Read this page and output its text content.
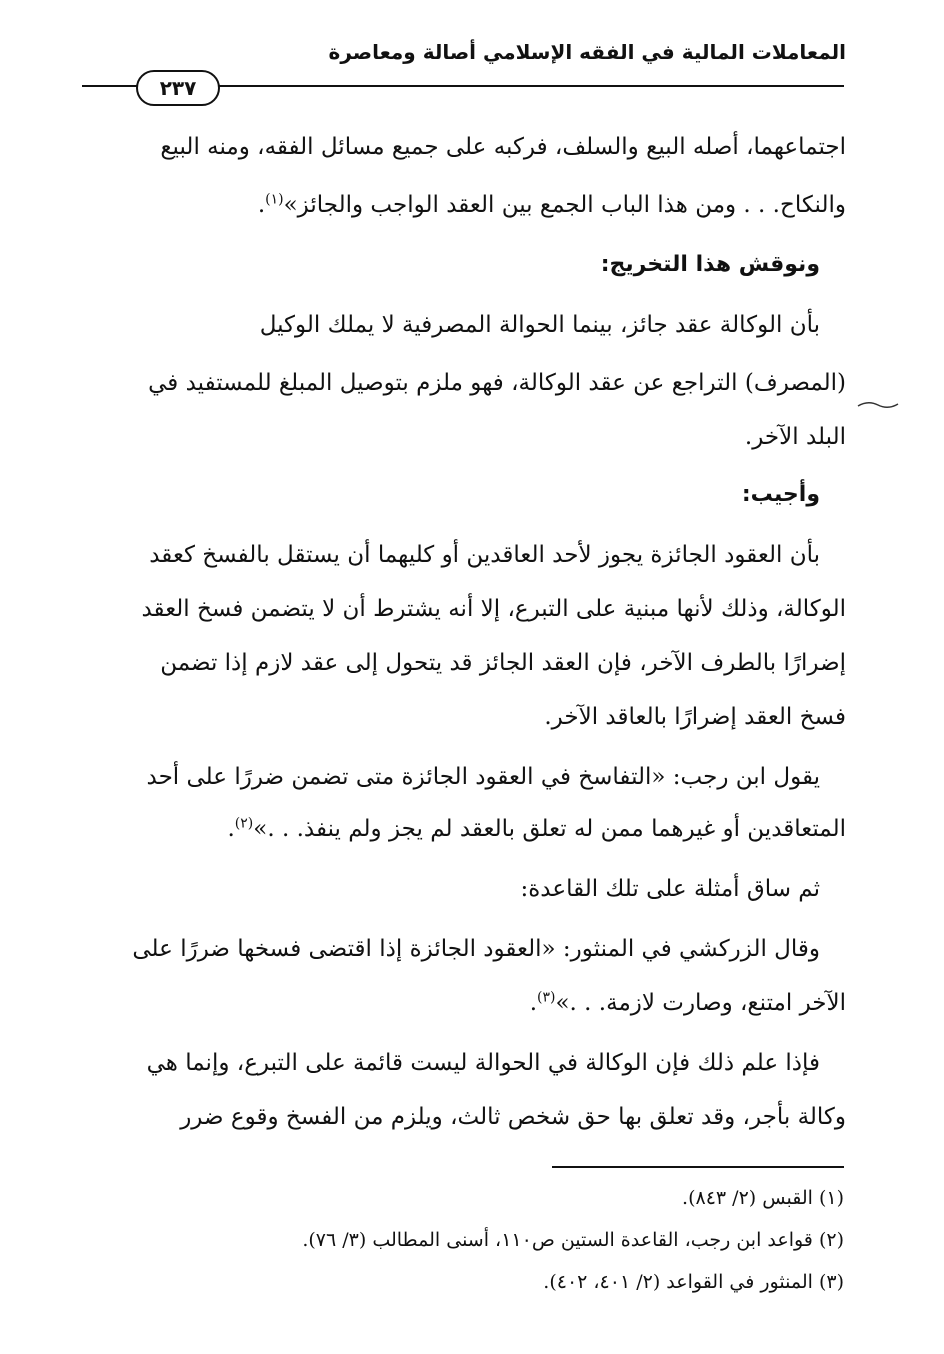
المعاملات المالية في الفقه الإسلامي أصالة ومعاصرة
٢٣٧
اجتماعهما، أصله البيع والسلف، فركبه على جميع مسائل الفقه، ومنه البيع
والنكاح. . . ومن هذا الباب الجمع بين العقد الواجب والجائز»$^{(١)}$.
ونوقش هذا التخريج:
بأن الوكالة عقد جائز، بينما الحوالة المصرفية لا يملك الوكيل
(المصرف) التراجع عن عقد الوكالة، فهو ملزم بتوصيل المبلغ للمستفيد في
البلد الآخر.
وأجيب:
بأن العقود الجائزة يجوز لأحد العاقدين أو كليهما أن يستقل بالفسخ كعقد
الوكالة، وذلك لأنها مبنية على التبرع، إلا أنه يشترط أن لا يتضمن فسخ العقد
إضرارًا بالطرف الآخر، فإن العقد الجائز قد يتحول إلى عقد لازم إذا تضمن
فسخ العقد إضرارًا بالعاقد الآخر.
يقول ابن رجب: «التفاسخ في العقود الجائزة متى تضمن ضررًا على أحد
المتعاقدين أو غيرهما ممن له تعلق بالعقد لم يجز ولم ينفذ. . .»$^{(٢)}$.
ثم ساق أمثلة على تلك القاعدة:
وقال الزركشي في المنثور: «العقود الجائزة إذا اقتضى فسخها ضررًا على
الآخر امتنع، وصارت لازمة. . .»$^{(٣)}$.
فإذا علم ذلك فإن الوكالة في الحوالة ليست قائمة على التبرع، وإنما هي
وكالة بأجر، وقد تعلق بها حق شخص ثالث، ويلزم من الفسخ وقوع ضرر
(١) القبس (٢/ ٨٤٣).
(٢) قواعد ابن رجب، القاعدة الستين ص١١٠، أسنى المطالب (٣/ ٧٦).
(٣) المنثور في القواعد (٢/ ٤٠١، ٤٠٢).
